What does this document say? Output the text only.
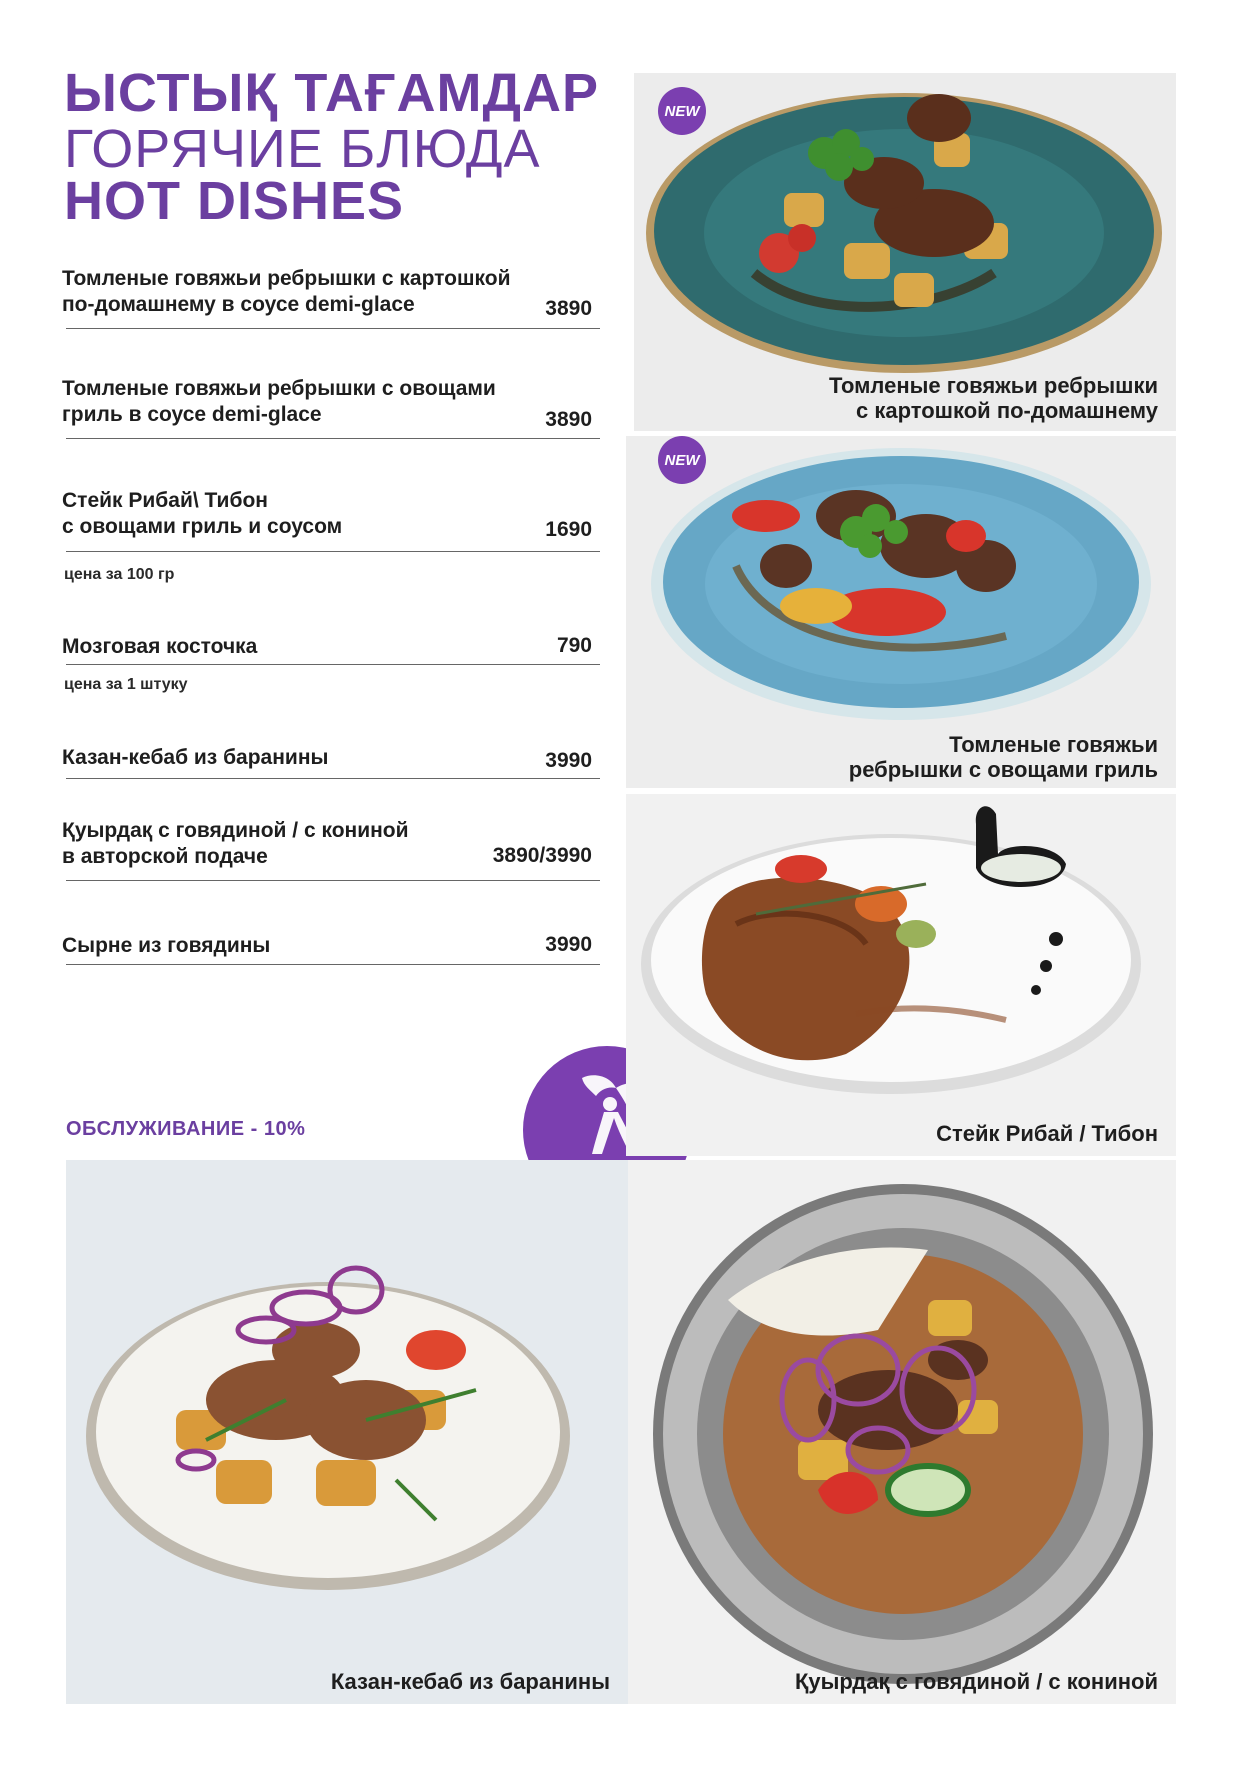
ЫСТЫҚ ТАҒАМДАР
ГОРЯЧИЕ БЛЮДА
HOT DISHES
Томленые говяжьи ребрышки с картошкой
по-домашнему в соусе demi-glace	3890
Томленые говяжьи ребрышки с овощами
гриль в соусе demi-glace	3890
Стейк Рибай\ Тибон
с овощами гриль и соусом	1690
цена за 100 гр
Мозговая косточка	790
цена за 1 штуку
Казан-кебаб из баранины	3990
Қуырдақ с говядиной / с кониной
в авторской подаче	3890/3990
Сырне из говядины	3990
ОБСЛУЖИВАНИЕ - 10%
NEW
Томленые говяжьи ребрышки
с картошкой по-домашнему
NEW
Томленые говяжьи
ребрышки с овощами гриль
Стейк Рибай / Тибон
Казан-кебаб из баранины	Қуырдақ с говядиной / с кониной
